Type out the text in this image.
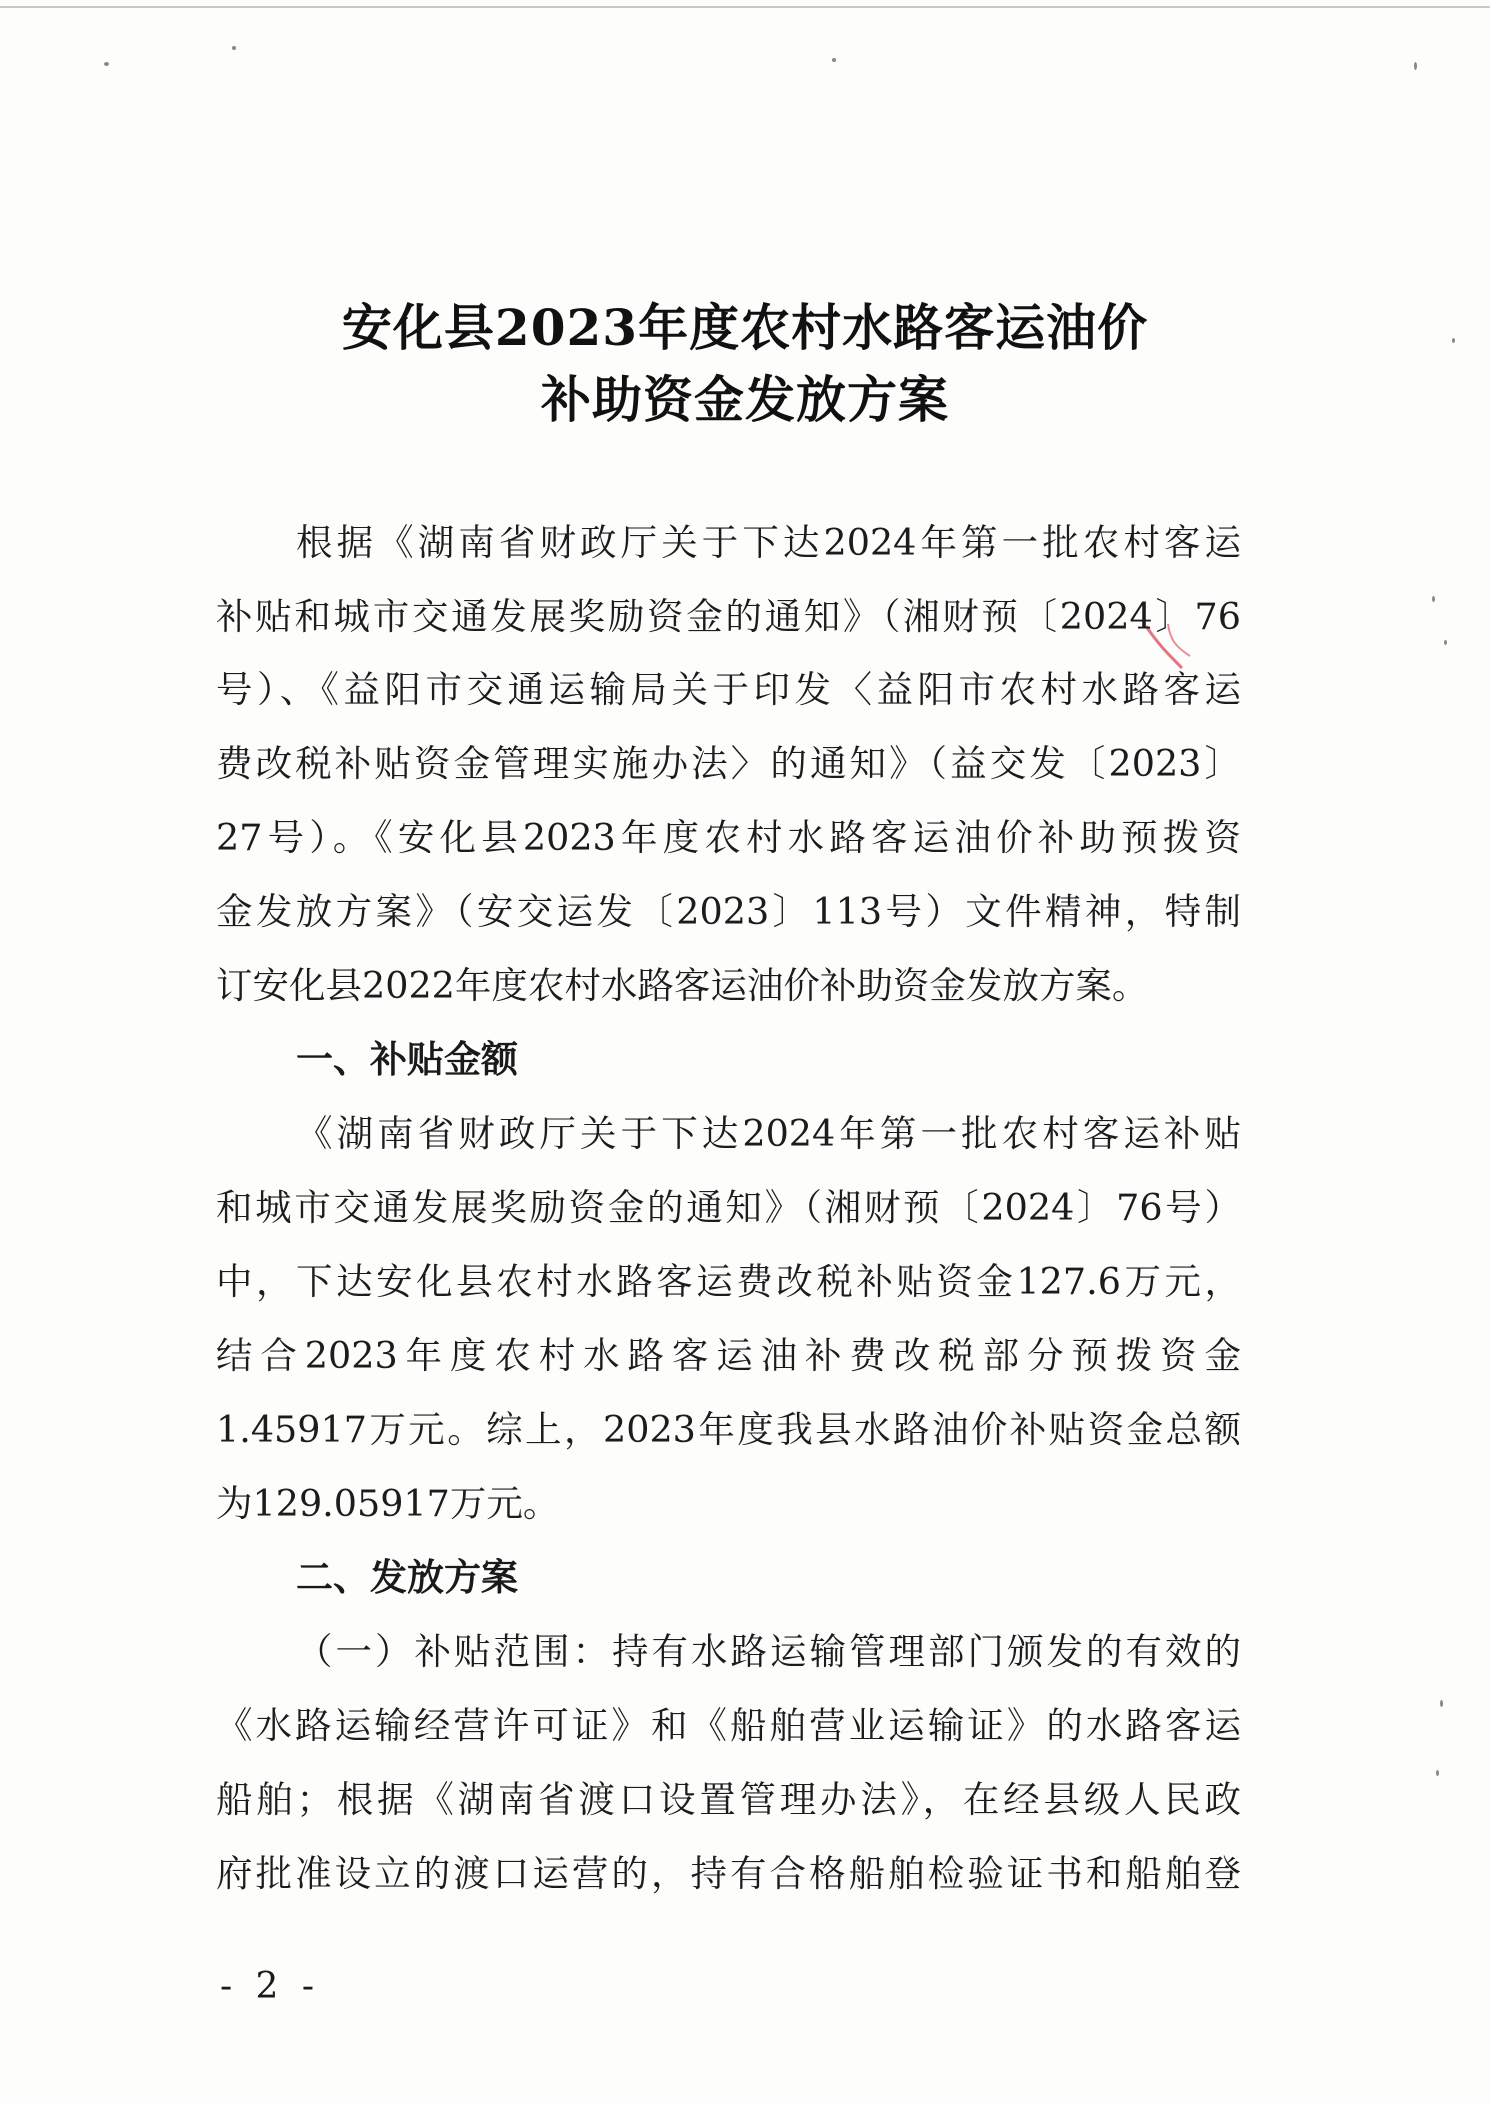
安化县2023年度农村水路客运油价
补助资金发放方案
根据《湖南省财政厅关于下达2024年第一批农村客运
补贴和城市交通发展奖励资金的通知》（湘财预〔2024〕76
号）、《益阳市交通运输局关于印发〈益阳市农村水路客运
费改税补贴资金管理实施办法〉的通知》（益交发〔2023〕
27号）。《安化县2023年度农村水路客运油价补助预拨资
金发放方案》（安交运发〔2023〕113号）文件精神，特制
订安化县2022年度农村水路客运油价补助资金发放方案。
一、补贴金额
《湖南省财政厅关于下达2024年第一批农村客运补贴
和城市交通发展奖励资金的通知》（湘财预〔2024〕76号）
中，下达安化县农村水路客运费改税补贴资金127.6万元，
结合2023年度农村水路客运油补费改税部分预拨资金
1.45917万元。综上，2023年度我县水路油价补贴资金总额
为129.05917万元。
二、发放方案
（一）补贴范围：持有水路运输管理部门颁发的有效的
《水路运输经营许可证》和《船舶营业运输证》的水路客运
船舶；根据《湖南省渡口设置管理办法》，在经县级人民政
府批准设立的渡口运营的，持有合格船舶检验证书和船舶登
- 2 -
